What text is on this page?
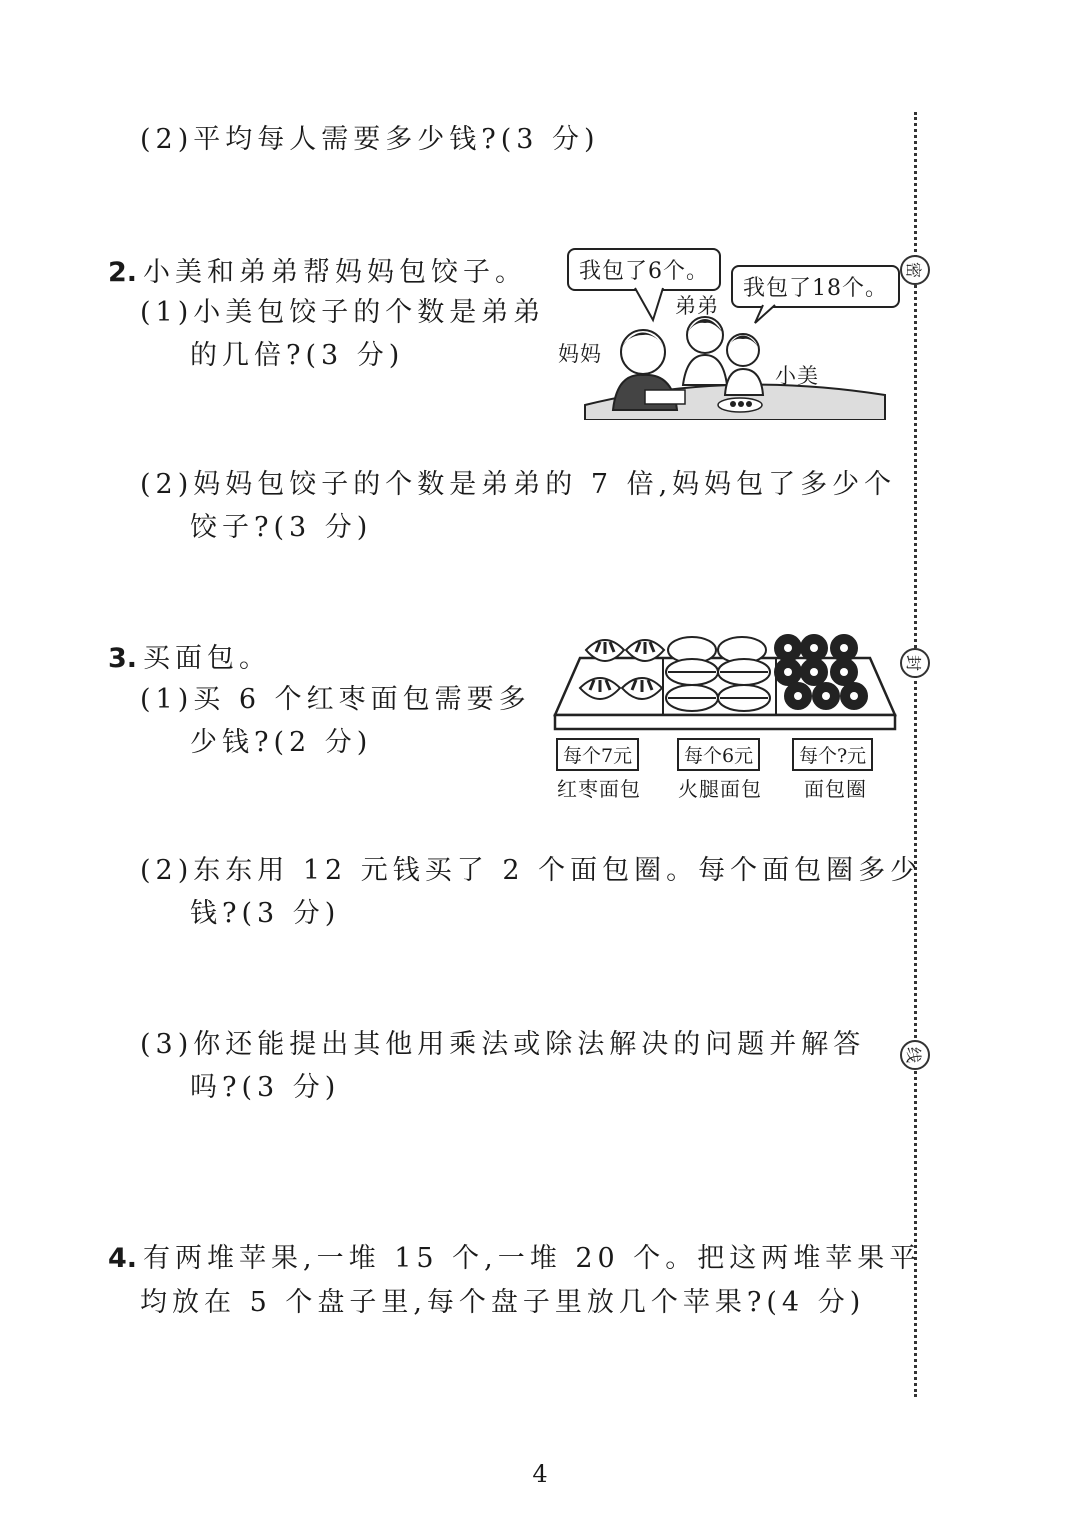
密
封
线
(2)平均每人需要多少钱?(3 分)
2. 小美和弟弟帮妈妈包饺子。
(1)小美包饺子的个数是弟弟
的几倍?(3 分)
(2)妈妈包饺子的个数是弟弟的 7 倍,妈妈包了多少个
饺子?(3 分)
我包了6个。
我包了18个。
弟弟
妈妈
小美
3. 买面包。
(1)买 6 个红枣面包需要多
少钱?(2 分)
(2)东东用 12 元钱买了 2 个面包圈。每个面包圈多少
钱?(3 分)
(3)你还能提出其他用乘法或除法解决的问题并解答
吗?(3 分)
每个7元	每个6元	每个?元
红枣面包 火腿面包 面包圈
4. 有两堆苹果,一堆 15 个,一堆 20 个。把这两堆苹果平
均放在 5 个盘子里,每个盘子里放几个苹果?(4 分)
4
